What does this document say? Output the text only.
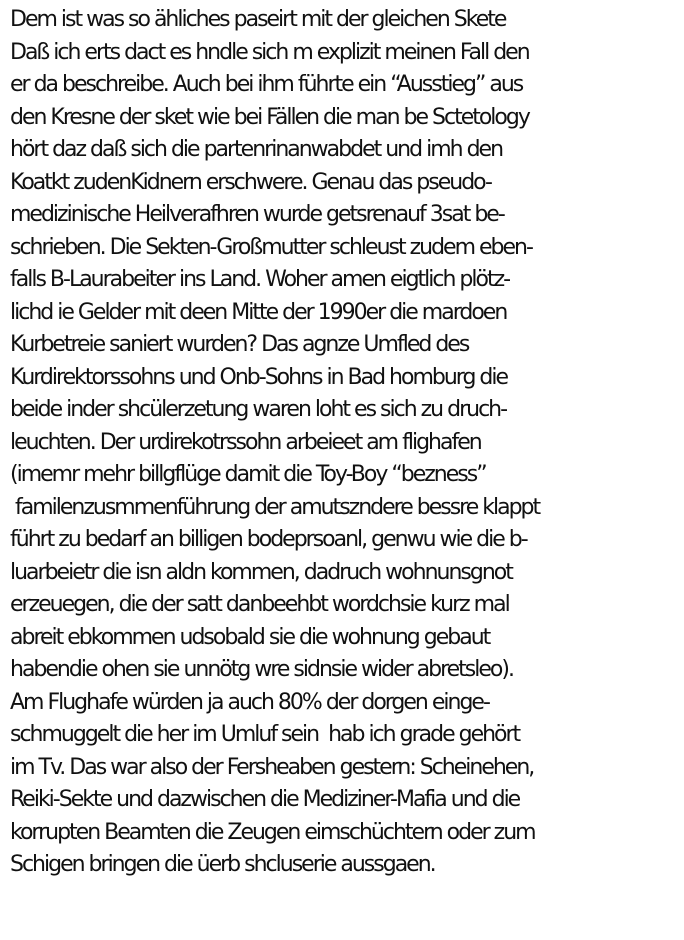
Dem ist was so ähliches paseirt mit der gleichen Skete
Daß ich erts dact es hndle sich m explizit meinen Fall den
er da beschreibe. Auch bei ihm führte ein “Ausstieg” aus
den Kresne der sket wie bei Fällen die man be Sctetology
hört daz daß sich die partenrinanwabdet und imh den
Koatkt zudenKidnern erschwere. Genau das pseudo-
medizinische Heilverafhren wurde getsrenauf 3sat be-
schrieben. Die Sekten-Großmutter schleust zudem eben-
falls B-Laurabeiter ins Land. Woher amen eigtlich plötz-
lichd ie Gelder mit deen Mitte der 1990er die mardoen
Kurbetreie saniert wurden? Das agnze Umfled des
Kurdirektorssohns und Onb-Sohns in Bad homburg die
beide inder shcülerzetung waren loht es sich zu druch-
leuchten. Der urdirekotrssohn arbeieet am flighafen
(imemr mehr billgflüge damit die Toy-Boy “bezness”
familenzusmmenführung der amutszndere bessre klappt
führt zu bedarf an billigen bodeprsoanl, genwu wie die b-
luarbeietr die isn aldn kommen, dadruch wohnunsgnot
erzeuegen, die der satt danbeehbt wordchsie kurz mal
abreit ebkommen udsobald sie die wohnung gebaut
habendie ohen sie unnötg wre sidnsie wider abretsleo).
Am Flughafe würden ja auch 80% der dorgen einge-
schmuggelt die her im Umluf sein  hab ich grade gehört
im Tv. Das war also der Fersheaben gestern: Scheinehen,
Reiki-Sekte und dazwischen die Mediziner-Mafia und die
korrupten Beamten die Zeugen eimschüchtern oder zum
Schigen bringen die üerb shcluserie aussgaen.
